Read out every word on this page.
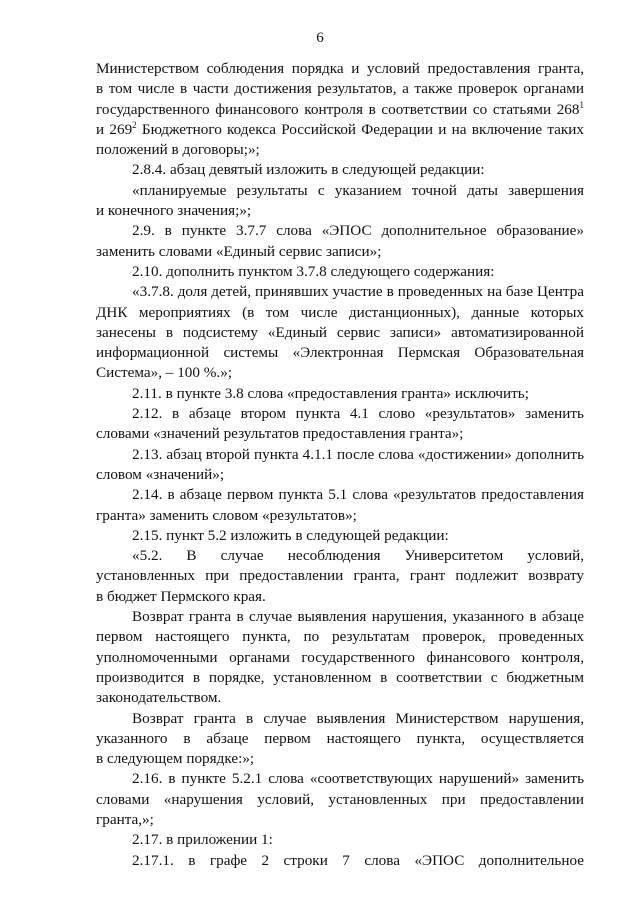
6
Министерством соблюдения порядка и условий предоставления гранта,
в том числе в части достижения результатов, а также проверок органами
государственного финансового контроля в соответствии со статьями $268^1$
и $269^2$ Бюджетного кодекса Российской Федерации и на включение таких
положений в договоры;»;
2.8.4. абзац девятый изложить в следующей редакции:
«планируемые результаты с указанием точной даты завершения
и конечного значения;»;
2.9. в пункте 3.7.7 слова «ЭПОС дополнительное образование»
заменить словами «Единый сервис записи»;
2.10. дополнить пунктом 3.7.8 следующего содержания:
«3.7.8. доля детей, принявших участие в проведенных на базе Центра
ДНК мероприятиях (в том числе дистанционных), данные которых
занесены в подсистему «Единый сервис записи» автоматизированной
информационной системы «Электронная Пермская Образовательная
Система», – 100 %.»;
2.11. в пункте 3.8 слова «предоставления гранта» исключить;
2.12. в абзаце втором пункта 4.1 слово «результатов» заменить
словами «значений результатов предоставления гранта»;
2.13. абзац второй пункта 4.1.1 после слова «достижении» дополнить
словом «значений»;
2.14. в абзаце первом пункта 5.1 слова «результатов предоставления
гранта» заменить словом «результатов»;
2.15. пункт 5.2 изложить в следующей редакции:
«5.2. В случае несоблюдения Университетом условий,
установленных при предоставлении гранта, грант подлежит возврату
в бюджет Пермского края.
Возврат гранта в случае выявления нарушения, указанного в абзаце
первом настоящего пункта, по результатам проверок, проведенных
уполномоченными органами государственного финансового контроля,
производится в порядке, установленном в соответствии с бюджетным
законодательством.
Возврат гранта в случае выявления Министерством нарушения,
указанного в абзаце первом настоящего пункта, осуществляется
в следующем порядке:»;
2.16. в пункте 5.2.1 слова «соответствующих нарушений» заменить
словами «нарушения условий, установленных при предоставлении
гранта,»;
2.17. в приложении 1:
2.17.1. в графе 2 строки 7 слова «ЭПОС дополнительное
